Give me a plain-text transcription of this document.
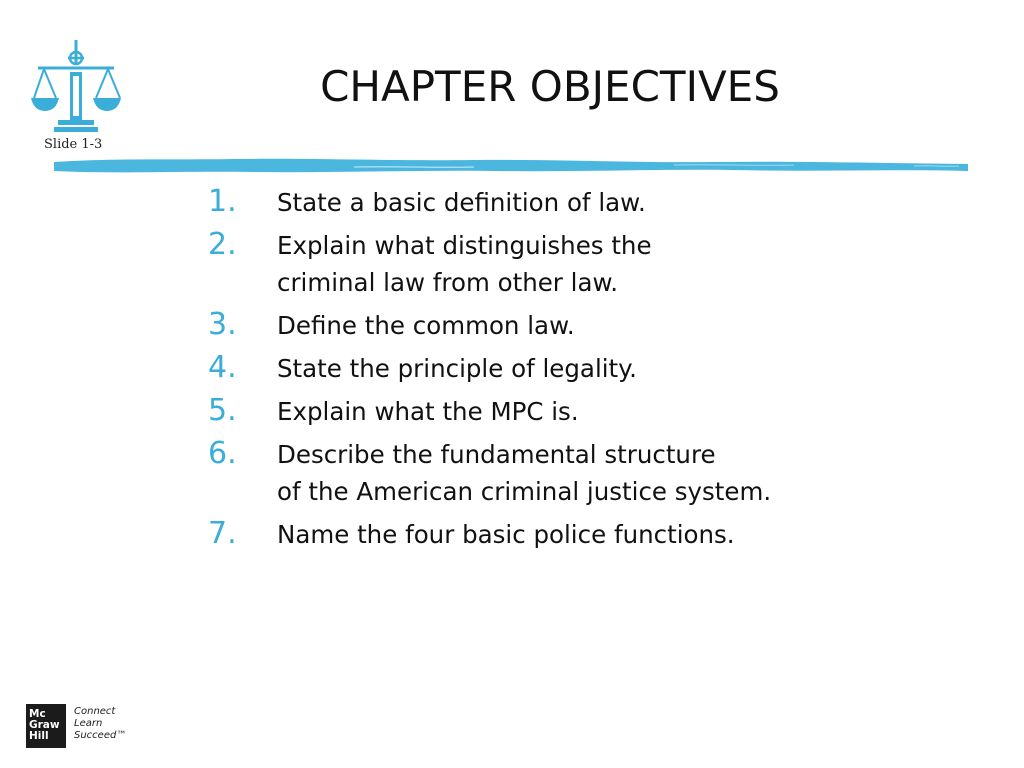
Slide 1-3
CHAPTER OBJECTIVES
1. State a basic definition of law.
2. Explain what distinguishes the
criminal law from other law.
3. Define the common law.
4. State the principle of legality.
5. Explain what the MPC is.
6. Describe the fundamental structure
of the American criminal justice system.
7. Name the four basic police functions.
Mc
Graw
Hill
Connect
Learn
Succeed™
